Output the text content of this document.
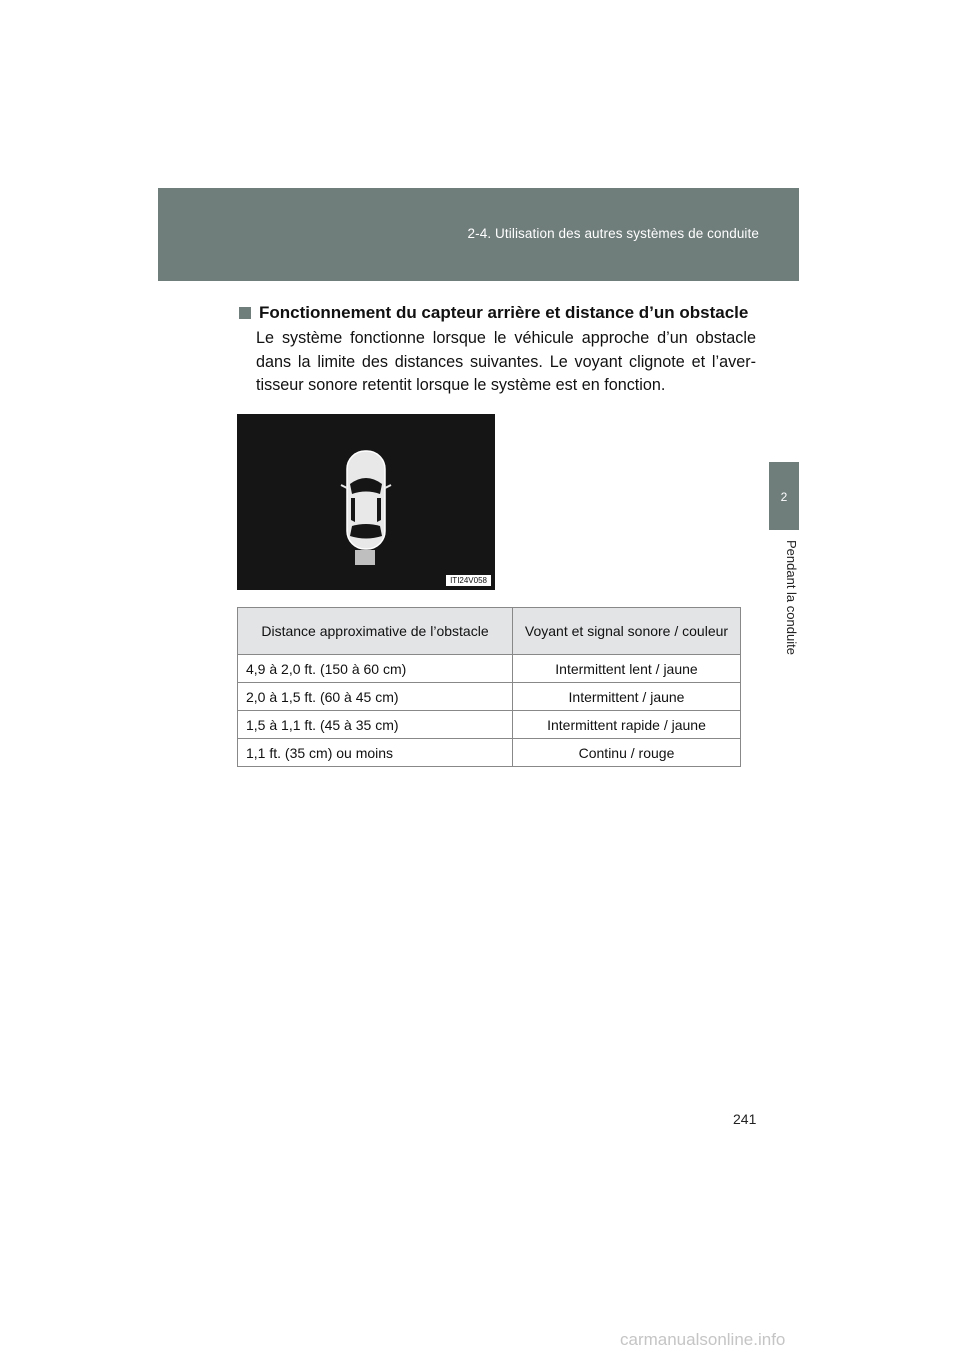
2-4. Utilisation des autres systèmes de conduite
2
Pendant la conduite
Fonctionnement du capteur arrière et distance d’un obstacle
Le système fonctionne lorsque le véhicule approche d’un obstacle dans la limite des distances suivantes. Le voyant clignote et l’aver-tisseur sonore retentit lorsque le système est en fonction.
ITI24V058
Distance approximative de l’obstacle	Voyant et signal sonore / couleur
4,9 à 2,0 ft. (150 à 60 cm)	Intermittent lent / jaune
2,0 à 1,5 ft. (60 à 45 cm)	Intermittent / jaune
1,5 à 1,1 ft. (45 à 35 cm)	Intermittent rapide / jaune
1,1 ft. (35 cm) ou moins	Continu / rouge
241
carmanualsonline.info
